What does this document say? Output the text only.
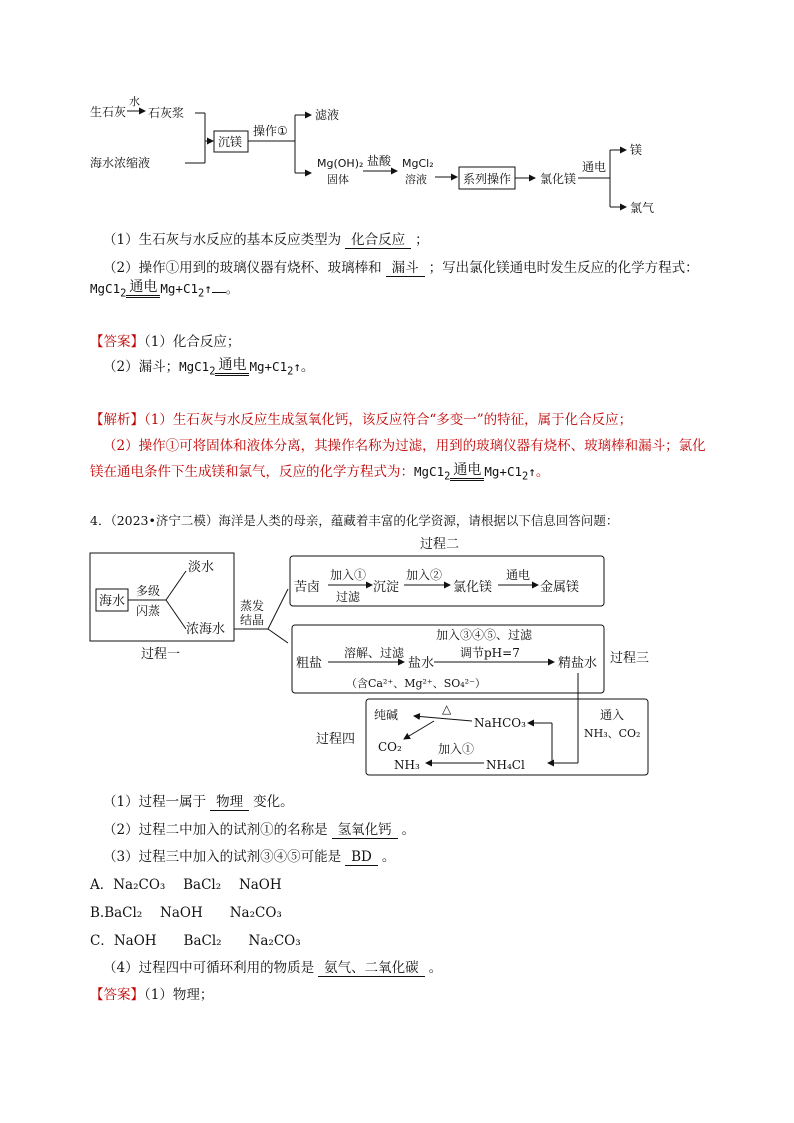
生石灰
水
石灰浆
海水浓缩液
沉镁
操作①
滤液
Mg(OH)₂
固体
盐酸 MgCl₂
溶液	系列操作 氯化镁
通电
镁
氯气
（1）生石灰与水反应的基本反应类型为 化合反应 ；
（2）操作①用到的玻璃仪器有烧杯、玻璃棒和 漏斗 ；写出氯化镁通电时发生反应的化学方程式：
$MgC1_2$ 通电 $Mg+C1_2↑$ 。
【答案】（1）化合反应；
（2）漏斗；$MgC1_2$ 通电 $Mg+C1_2↑$。
【解析】（1）生石灰与水反应生成氢氧化钙，该反应符合“多变一”的特征，属于化合反应；
（2）操作①可将固体和液体分离，其操作名称为过滤，用到的玻璃仪器有烧杯、玻璃棒和漏斗；氯化
镁在通电条件下生成镁和氯气，反应的化学方程式为：$MgC1_2$ 通电 $Mg+C1_2↑$。
4．（2023•济宁二模）海洋是人类的母亲，蕴藏着丰富的化学资源，请根据以下信息回答问题：
过程二
海水
多级
闪蒸
淡水
浓海水
过程一
蒸发
结晶
苦卤
加入①
过滤
沉淀
加入②
氯化镁
通电
金属镁
粗盐
溶解、过滤
盐水
加入③④⑤、过滤
调节pH=7
精盐水
（含Ca²⁺、Mg²⁺、SO₄²⁻）
过程三
过程四
纯碱	△
NaHCO₃
CO₂
通入
NH₃、CO₂
NH₄Cl
加入①
NH₃
（1）过程一属于 物理 变化。
（2）过程二中加入的试剂①的名称是 氢氧化钙 。
（3）过程三中加入的试剂③④⑤可能是 BD 。
A．Na₂CO₃　 BaCl₂　 NaOH
B.BaCl₂　 NaOH　　Na₂CO₃
C．NaOH　　BaCl₂　　Na₂CO₃
（4）过程四中可循环利用的物质是 氨气、二氧化碳 。
【答案】（1）物理；
